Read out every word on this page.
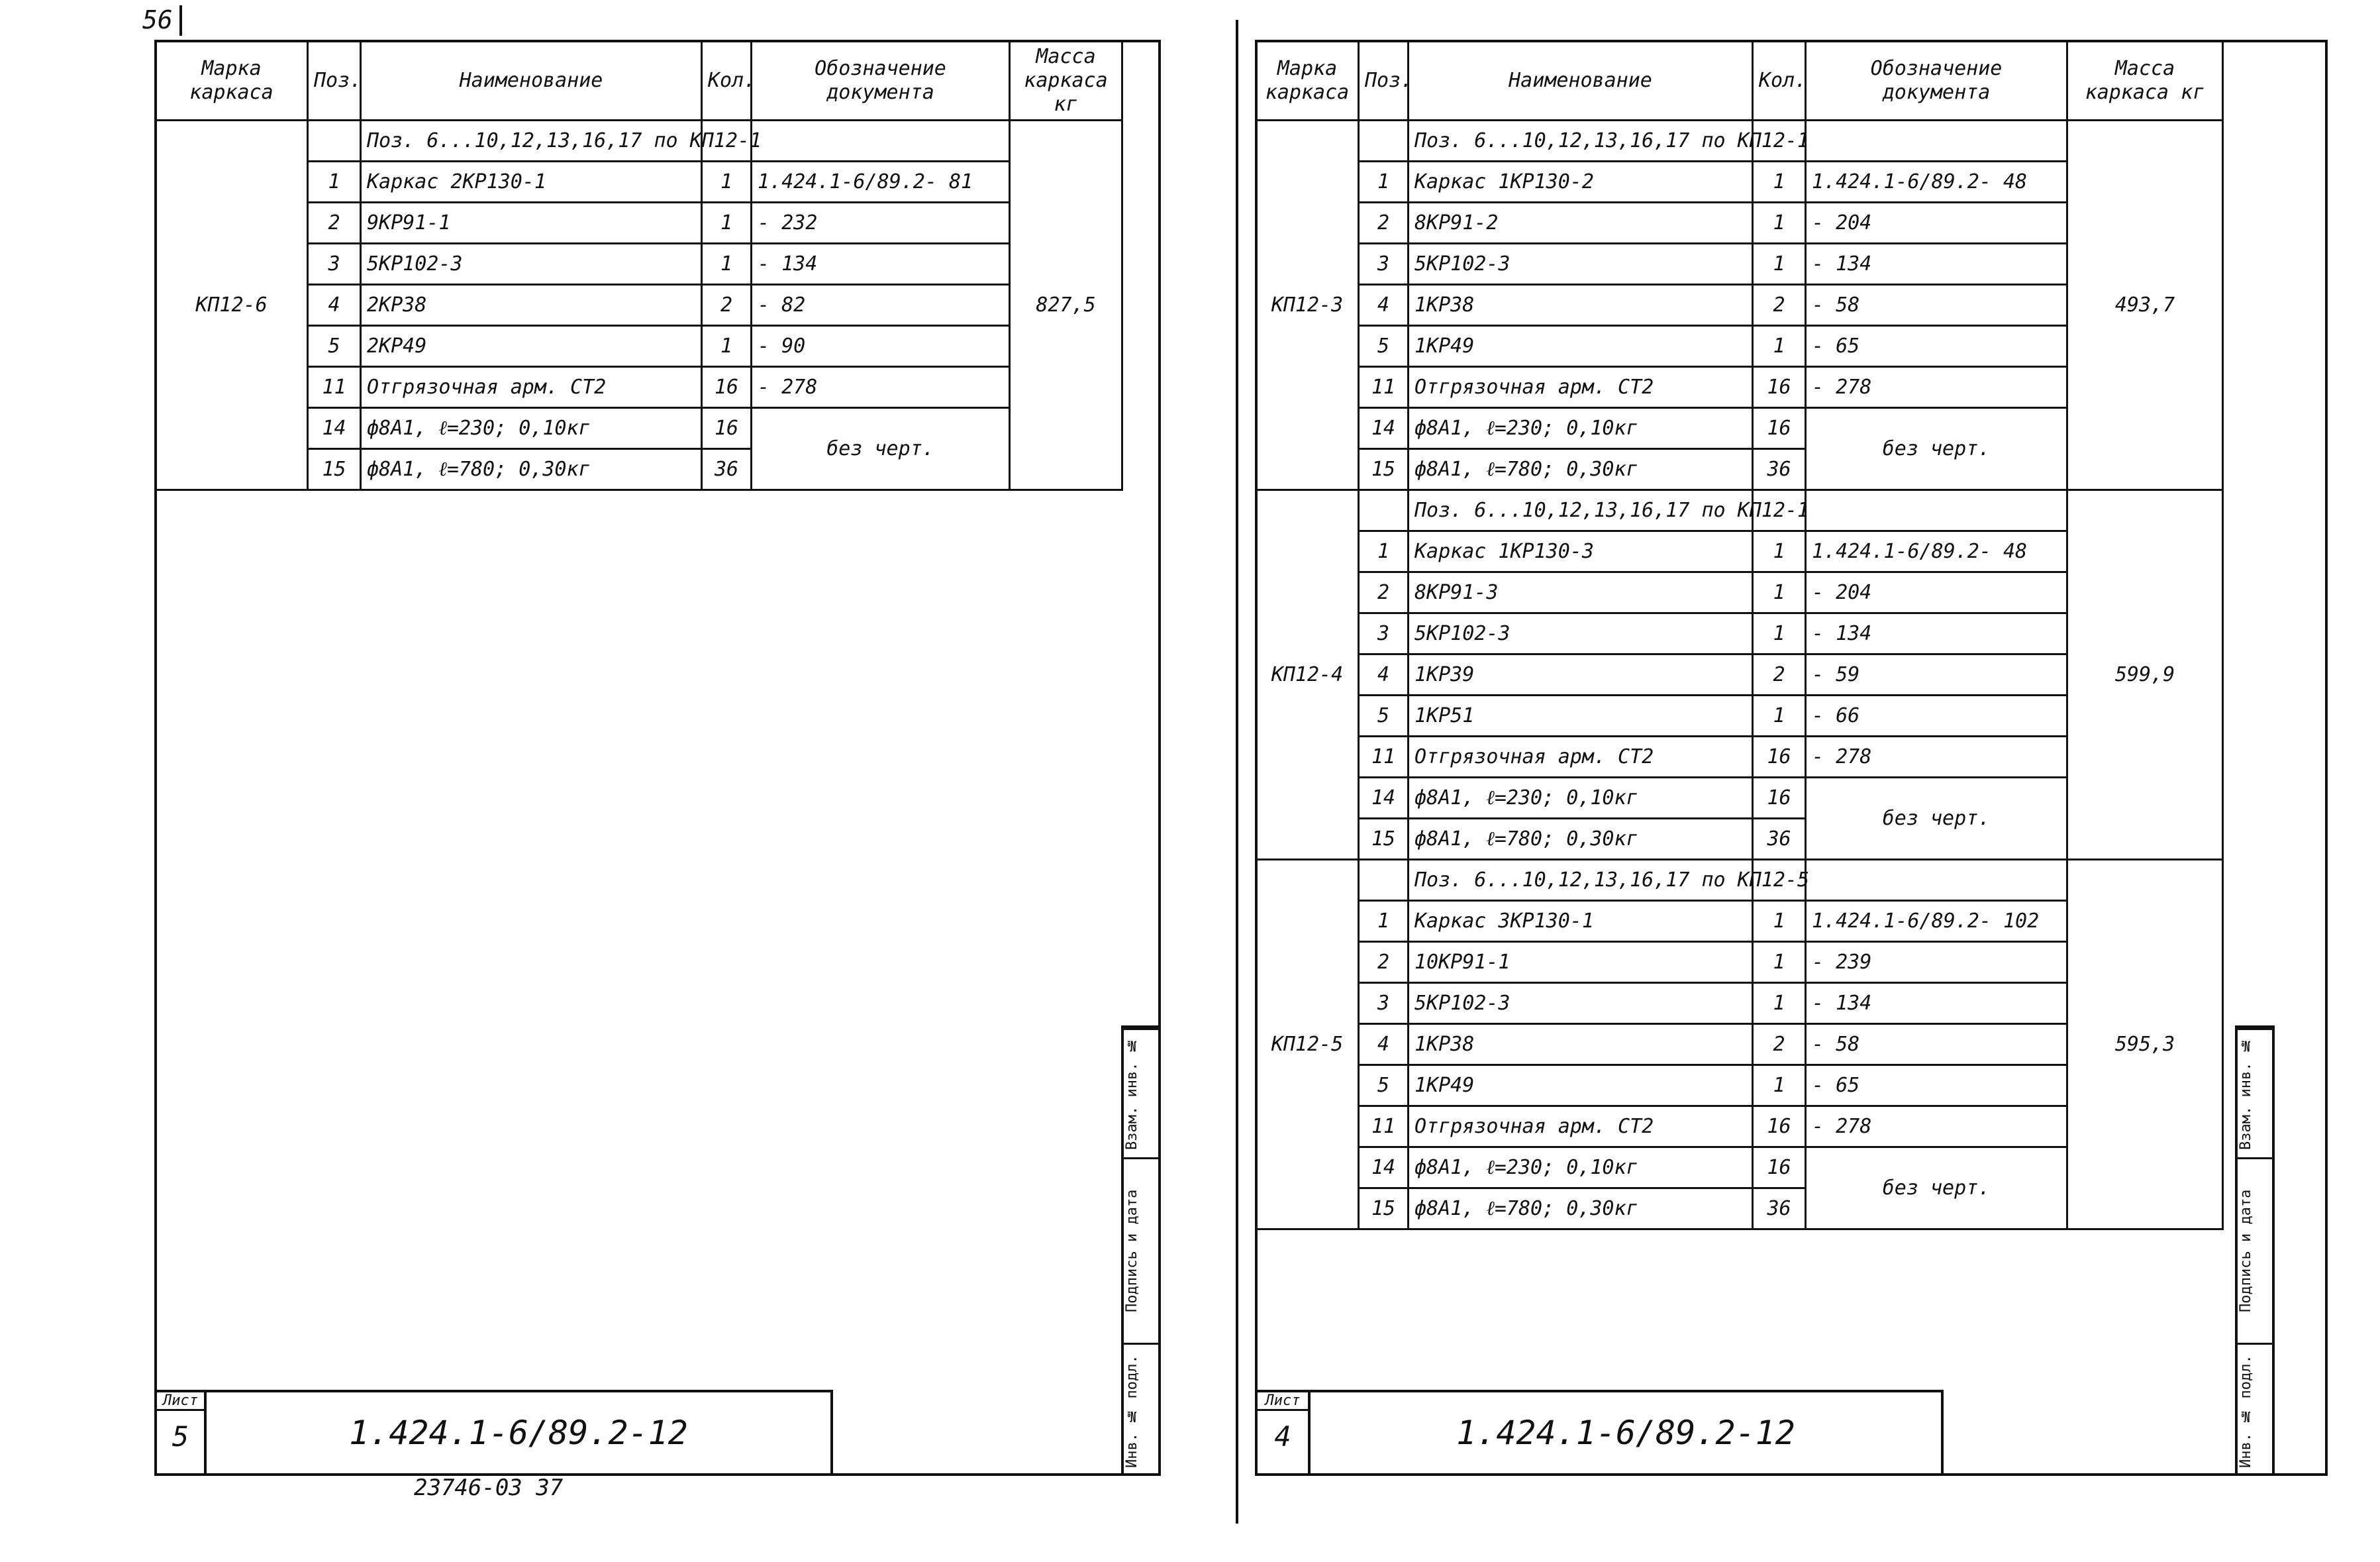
56
Марка каркаса	Поз.	Наименование	Кол.	Обозначение документа	Масса каркаса кг
КП12-6		Поз. 6...10,12,13,16,17 по КП12-1			827,5
	1	Каркас 2КР130-1	1	1.424.1-6/89.2- 81	
	2	9КР91-1	1	- 232	
	3	5КР102-3	1	- 134	
	4	2КР38	2	- 82	
	5	2КР49	1	- 90	
	11	Отгрязочная арм. СТ2	16	- 278	
	14	ф8А1, ℓ=230; 0,10кг	16	без черт.	
	15	ф8А1, ℓ=780; 0,30кг	36		
1.424.1-6/89.2-12
Лист
5
Взам. инв. №
Подпись и дата
Инв. № подл.
23746-03 37
Марка каркаса	Поз.	Наименование	Кол.	Обозначение документа	Масса каркаса кг
КП12-3		Поз. 6...10,12,13,16,17 по КП12-1			493,7
	1	Каркас 1КР130-2	1	1.424.1-6/89.2- 48	
	2	8КР91-2	1	- 204	
	3	5КР102-3	1	- 134	
	4	1КР38	2	- 58	
	5	1КР49	1	- 65	
	11	Отгрязочная арм. СТ2	16	- 278	
	14	ф8А1, ℓ=230; 0,10кг	16	без черт.	
	15	ф8А1, ℓ=780; 0,30кг	36		
КП12-4		Поз. 6...10,12,13,16,17 по КП12-1			599,9
	1	Каркас 1КР130-3	1	1.424.1-6/89.2- 48	
	2	8КР91-3	1	- 204	
	3	5КР102-3	1	- 134	
	4	1КР39	2	- 59	
	5	1КР51	1	- 66	
	11	Отгрязочная арм. СТ2	16	- 278	
	14	ф8А1, ℓ=230; 0,10кг	16	без черт.	
	15	ф8А1, ℓ=780; 0,30кг	36		
КП12-5		Поз. 6...10,12,13,16,17 по КП12-5			595,3
	1	Каркас 3КР130-1	1	1.424.1-6/89.2- 102	
	2	10КР91-1	1	- 239	
	3	5КР102-3	1	- 134	
	4	1КР38	2	- 58	
	5	1КР49	1	- 65	
	11	Отгрязочная арм. СТ2	16	- 278	
	14	ф8А1, ℓ=230; 0,10кг	16	без черт.	
	15	ф8А1, ℓ=780; 0,30кг	36		
1.424.1-6/89.2-12
Лист
4
Взам. инв. №
Подпись и дата
Инв. № подл.
